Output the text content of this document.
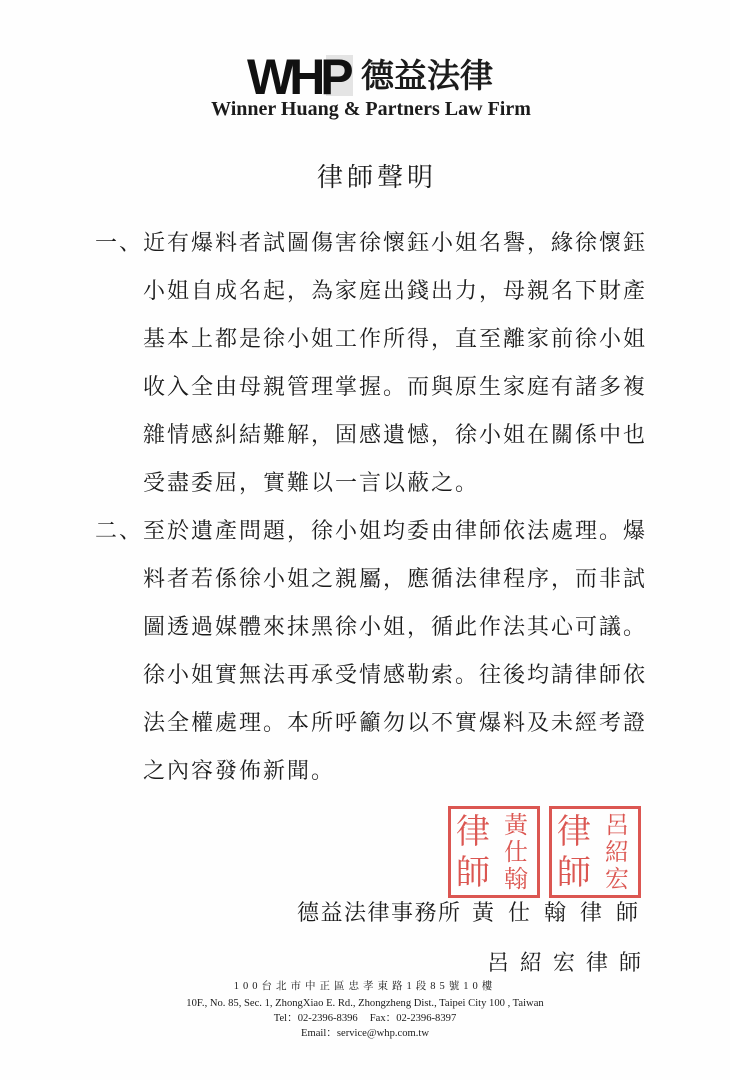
WHP 德益法律
Winner Huang & Partners Law Firm
律師聲明
一、 近有爆料者試圖傷害徐懷鈺小姐名譽，緣徐懷鈺
小姐自成名起，為家庭出錢出力，母親名下財產
基本上都是徐小姐工作所得，直至離家前徐小姐
收入全由母親管理掌握。而與原生家庭有諸多複
雜情感糾結難解，固感遺憾，徐小姐在關係中也
受盡委屈，實難以一言以蔽之。
二、 至於遺產問題，徐小姐均委由律師依法處理。爆
料者若係徐小姐之親屬，應循法律程序，而非試
圖透過媒體來抹黑徐小姐，循此作法其心可議。
徐小姐實無法再承受情感勒索。往後均請律師依
法全權處理。本所呼籲勿以不實爆料及未經考證
之內容發佈新聞。
律
師
黃
仕
翰
律
師
呂
紹
宏
德益法律事務所 黃仕翰律師
呂紹宏律師
100台北市中正區忠孝東路1段85號10樓
10F., No. 85, Sec. 1, ZhongXiao E. Rd., Zhongzheng Dist., Taipei City 100 , Taiwan
Tel：02-2396-8396 Fax：02-2396-8397
Email：service@whp.com.tw
